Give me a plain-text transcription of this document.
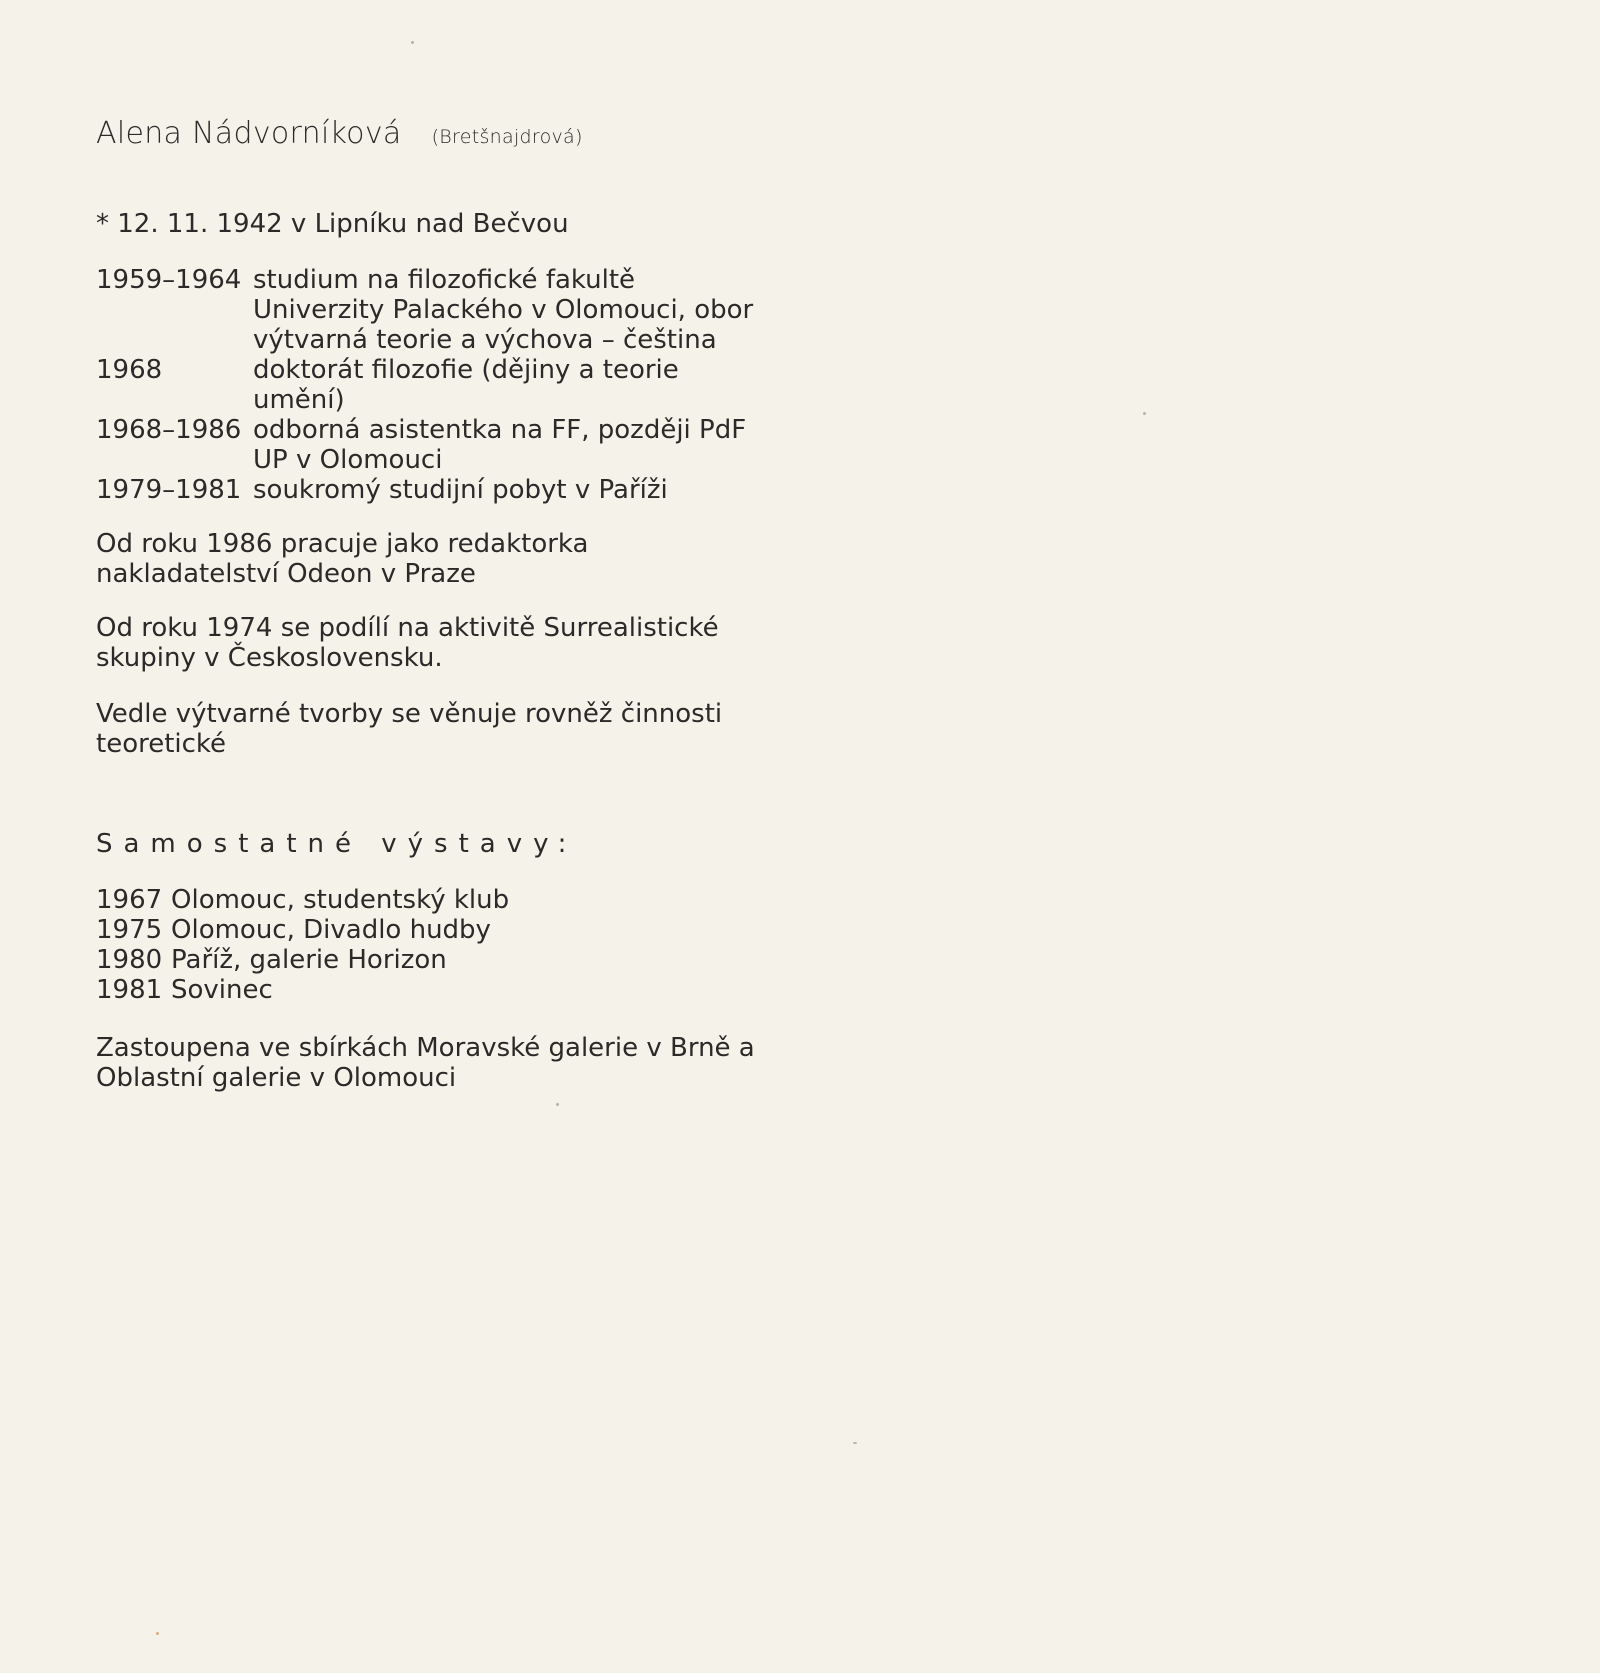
Alena Nádvorníková (Bretšnajdrová)
* 12. 11. 1942 v Lipníku nad Bečvou
1959–1964 studium na filozofické fakultě Univerzity Palackého v Olomouci, obor výtvarná teorie a výchova – čeština
1968	doktorát filozofie (dějiny a teorie umění)
1968–1986 odborná asistentka na FF, později PdF UP v Olomouci
1979–1981 soukromý studijní pobyt v Paříži
Od roku 1986 pracuje jako redaktorka nakladatelství Odeon v Praze
Od roku 1974 se podílí na aktivitě Surrealistické skupiny v Československu.
Vedle výtvarné tvorby se věnuje rovněž činnosti teoretické
Samostatné výstavy:
1967 Olomouc, studentský klub
1975 Olomouc, Divadlo hudby
1980 Paříž, galerie Horizon
1981 Sovinec
Zastoupena ve sbírkách Moravské galerie v Brně a Oblastní galerie v Olomouci
